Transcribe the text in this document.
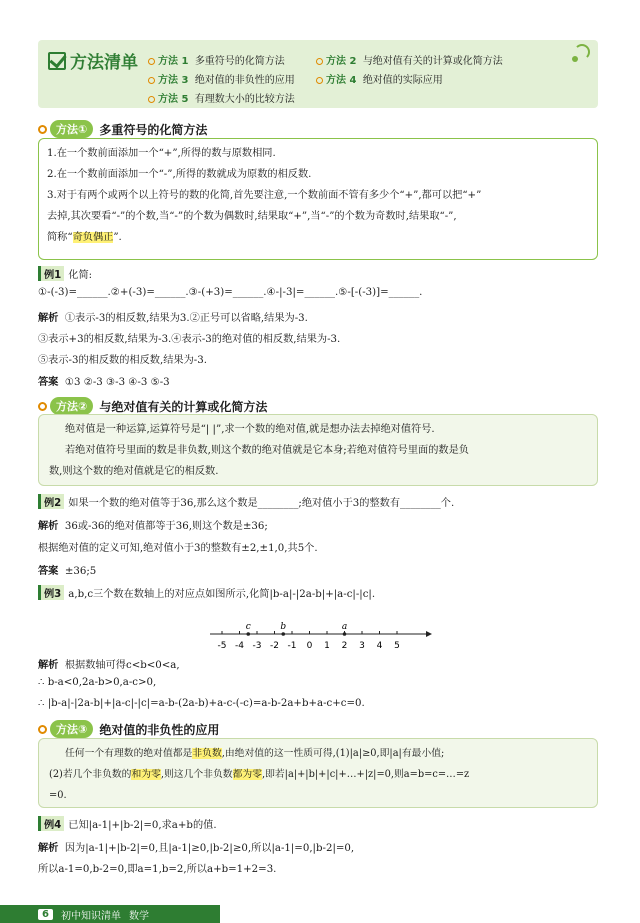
方法清单	方法 1 多重符号的化简方法	方法 2 与绝对值有关的计算或化简方法
方法 3 绝对值的非负性的应用	方法 4 绝对值的实际应用
方法 5 有理数大小的比较方法
方法①	多重符号的化简方法
1.在一个数前面添加一个“+”,所得的数与原数相同.
2.在一个数前面添加一个“-”,所得的数就成为原数的相反数.
3.对于有两个或两个以上符号的数的化简,首先要注意,一个数前面不管有多少个“+”,都可以把“+”
去掉,其次要看“-”的个数,当“-”的个数为偶数时,结果取“+”,当“-”的个数为奇数时,结果取“-”,
简称“奇负偶正”.
例1 化简:
①-(-3)=______.②+(-3)=______.③-(+3)=______.④-|-3|=______.⑤-[-(-3)]=______.
解析 ①表示-3的相反数,结果为3.②正号可以省略,结果为-3.
③表示+3的相反数,结果为-3.④表示-3的绝对值的相反数,结果为-3.
⑤表示-3的相反数的相反数,结果为-3.
答案 ①3 ②-3 ③-3 ④-3 ⑤-3
方法②	与绝对值有关的计算或化简方法
绝对值是一种运算,运算符号是“| |”,求一个数的绝对值,就是想办法去掉绝对值符号.
若绝对值符号里面的数是非负数,则这个数的绝对值就是它本身;若绝对值符号里面的数是负
数,则这个数的绝对值就是它的相反数.
例2 如果一个数的绝对值等于36,那么这个数是________;绝对值小于3的整数有________个.
解析 36或-36的绝对值都等于36,则这个数是±36;
根据绝对值的定义可知,绝对值小于3的整数有±2,±1,0,共5个.
答案 ±36;5
例3 a,b,c三个数在数轴上的对应点如图所示,化简|b-a|-|2a-b|+|a-c|-|c|.
-5 -4 -3 -2 -1 0 1 2 3 4 5
c	b	a
解析 根据数轴可得c<b<0<a,
∴ b-a<0,2a-b>0,a-c>0,
∴ |b-a|-|2a-b|+|a-c|-|c|=a-b-(2a-b)+a-c-(-c)=a-b-2a+b+a-c+c=0.
方法③	绝对值的非负性的应用
任何一个有理数的绝对值都是非负数,由绝对值的这一性质可得,(1)|a|≥0,即|a|有最小值;
(2)若几个非负数的和为零,则这几个非负数都为零,即若|a|+|b|+|c|+…+|z|=0,则a=b=c=…=z
=0.
例4 已知|a-1|+|b-2|=0,求a+b的值.
解析 因为|a-1|+|b-2|=0,且|a-1|≥0,|b-2|≥0,所以|a-1|=0,|b-2|=0,
所以a-1=0,b-2=0,即a=1,b=2,所以a+b=1+2=3.
6	初中知识清单 数学
